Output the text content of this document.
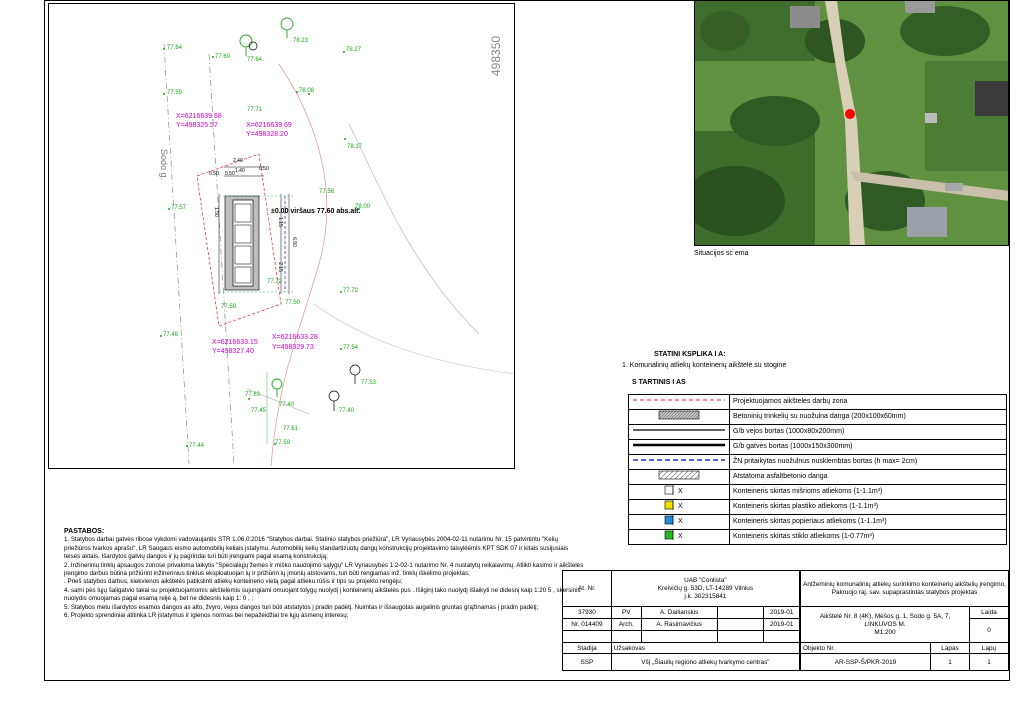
498350
Sodo g.
±0.00 viršaus 77.60 abs.alt.
X=6216639.58
Y=498325.57	X=6216639.69
Y=498328.20
X=6216633.15
Y=498327.40
X=6216633.28
Y=498329.73
2.40
1.40
0.50 0.50
0.50
6.50
1.50
2.15
1.15
77.64
77.60
77.59
77.64
77.57
77.46
77.63
77.59
77.44
78.23
78.27
78.08
78.17
78.00
77.71
77.72
77.72
77.54
77.53
77.40
77.45
77.40
77.61
77.59
77.58
77.50
Situacijos sc ema
STATINI KSPLIKA I A:
1. Komunalinių atliekų konteinerių aikštelė su stogine
S TARTINIS I AS
	Projektuojamos aikštelės darbų zona
	Betoninių trinkelių su nuožulna danga (200x100x60mm)
	G/b vejos bortas (1000x80x200mm)
	G/b gatvės bortas (1000x150x300mm)
	ŽN pritaikytas nuožulnus nusklembtas bortas (h max= 2cm)
	Atstatoma asfaltbetonio danga

X	Konteineris skirtas mišrioms atliekoms (1-1.1m³)

X	Konteineris skirtas plastiko atliekoms (1-1.1m³)

X	Konteineris skirtas popieriaus atliekoms (1-1.1m³)

X	Konteineris skirtas stiklo atliekoms (1-0.77m³)

PASTABOS:

1. Statybos darbai gatvės ribose vykdomi vadovaujantis STR 1.06.0:2016 "Statybos darbai. Statinio statybos priežiūra", LR Vyriausybės 2004-02-11 nutarimu Nr. 15 patvirtintu "Kelių priežiūros tvarkos aprašu", LR Saugaus eismo automobilių keliais įstatymu, Automobilių kelių standartizuotų dangų konstrukcijų projektavimo taisyklėmis KPT SDK 07 ir kitais susijusiais teisės aktais. Išardytos gatvių dangos ir jų pagrindai turi būti įrengiami pagal esamą konstrukciją;

2. Inžinerinių tinklų apsaugos zonose privaloma laikytis "Specialiųjų žemės ir miško naudojimo sąlygų" LR Vyriausybės 1 2-02-1 nutarimo Nr. 4 nustatytų reikalavimų. Atlikti kasimo ir aikštelės įrengimo darbus būtina prižiūrint inžinerinius tinklus eksploatuojan ių ir prižiūrin ių įmonių atstovams, turi būti rengiamas inž. tinklų iškėlimo projektas;

. Prieš statybos darbus, kiekvienos aikštelės patikslinti atliekų konteinerio vietą pagal atlieku rūšis ir tips su projekto rengėju;

4. sami pės lųjų šaligatvio takai su projektuojamomis aikštelėmis sujungiami omuojant tolygų nuolydį į konteinerių aikštelės pus . Išilginį tako nuolydį išlaikyti ne didesnį kaip 1:20 5 , skersinis nuolydis omuojamas pagal esamą reljė ą, bet ne didesnis kaip 1: 0 , ;

5. Statybos metu išardytos esamos dangos as alto, žvyro, vejos dangos turi būti atstatytos į pradin padėtį. Nuimtas ir išsaugotas augalinis gruntas grąžinamas į pradin padėtį;

6. Projekto sprendiniai atitinka LR įstatymus ir igienos normas bei nepažeidžiai tre lųjų asmenų interesų;

At. Nr.	UAB "Conlista"
Kreivičių g. 53D, LT-14289 Vilnius
į.k. 302315841			

37930	PV	A. Dailianskis		2019-01
Nr. 014409	Arch.	A. Rasimavičius		2019-01

Stadija	Užsakovas			
SSP	VšĮ „Šiaulių regiono atliekų tvarkymo centras"			
Antžeminių komunalinių atliekų surinkimo konteinerių aikštelių įrengimo, Pakruojo raj. sav. supaprastintas statybos projektas		

Aikštelė Nr. 8 (4K), Mėšos g. 1, Sodo g. 5A, 7,
LINKUVOS M.
M1:200		Laida
		0

Objekto Nr.	Lapas	Lapų
AR-SSP-Š/PKR-2019	1	1
